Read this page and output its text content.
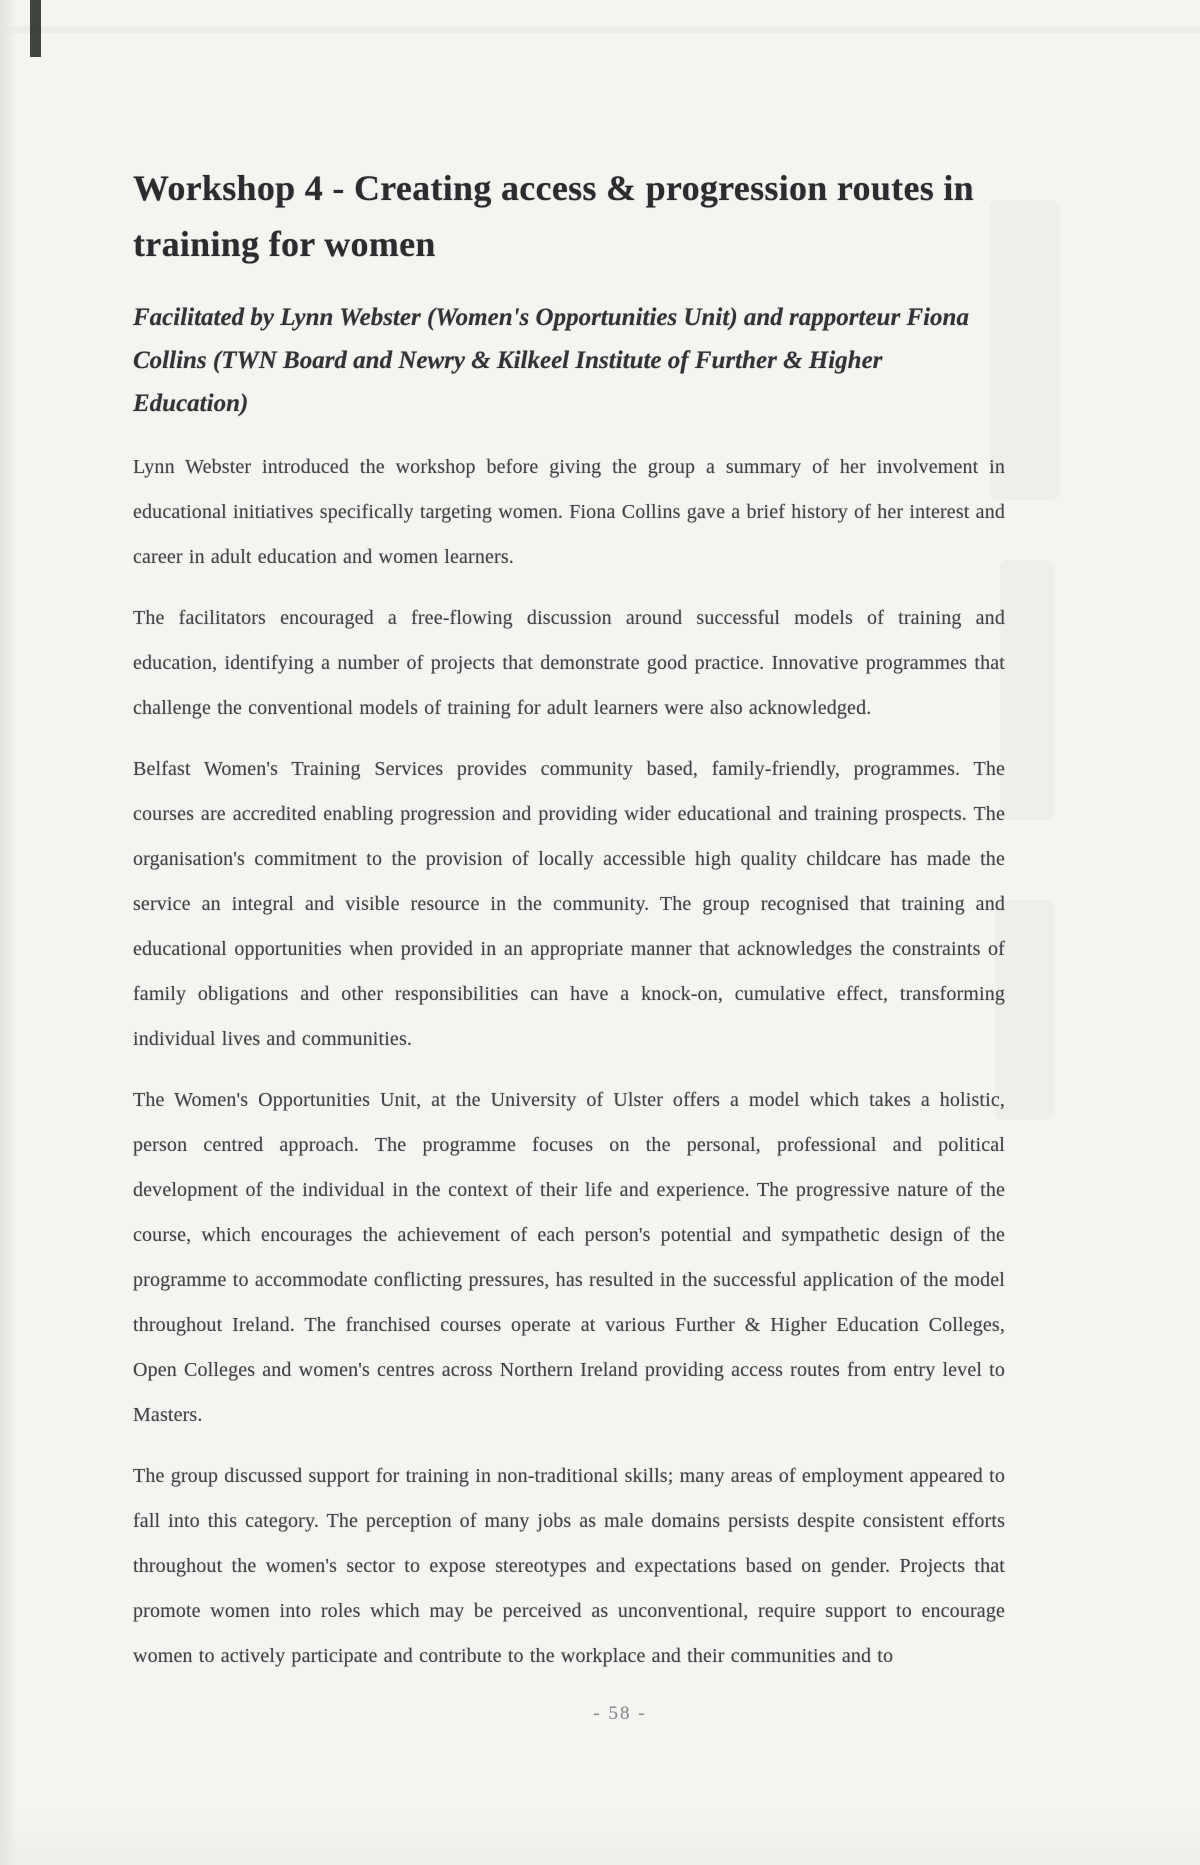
Workshop 4 - Creating access & progression routes in training for women
Facilitated by Lynn Webster (Women's Opportunities Unit) and rapporteur Fiona Collins (TWN Board and Newry & Kilkeel Institute of Further & Higher Education)

Lynn Webster introduced the workshop before giving the group a summary of her involvement in educational initiatives specifically targeting women. Fiona Collins gave a brief history of her interest and career in adult education and women learners.

The facilitators encouraged a free-flowing discussion around successful models of training and education, identifying a number of projects that demonstrate good practice. Innovative programmes that challenge the conventional models of training for adult learners were also acknowledged.

Belfast Women's Training Services provides community based, family-friendly, programmes. The courses are accredited enabling progression and providing wider educational and training prospects. The organisation's commitment to the provision of locally accessible high quality childcare has made the service an integral and visible resource in the community. The group recognised that training and educational opportunities when provided in an appropriate manner that acknowledges the constraints of family obligations and other responsibilities can have a knock-on, cumulative effect, transforming individual lives and communities.

The Women's Opportunities Unit, at the University of Ulster offers a model which takes a holistic, person centred approach. The programme focuses on the personal, professional and political development of the individual in the context of their life and experience. The progressive nature of the course, which encourages the achievement of each person's potential and sympathetic design of the programme to accommodate conflicting pressures, has resulted in the successful application of the model throughout Ireland. The franchised courses operate at various Further & Higher Education Colleges, Open Colleges and women's centres across Northern Ireland providing access routes from entry level to Masters.

The group discussed support for training in non-traditional skills; many areas of employment appeared to fall into this category. The perception of many jobs as male domains persists despite consistent efforts throughout the women's sector to expose stereotypes and expectations based on gender. Projects that promote women into roles which may be perceived as unconventional, require support to encourage women to actively participate and contribute to the workplace and their communities and to

- 58 -
